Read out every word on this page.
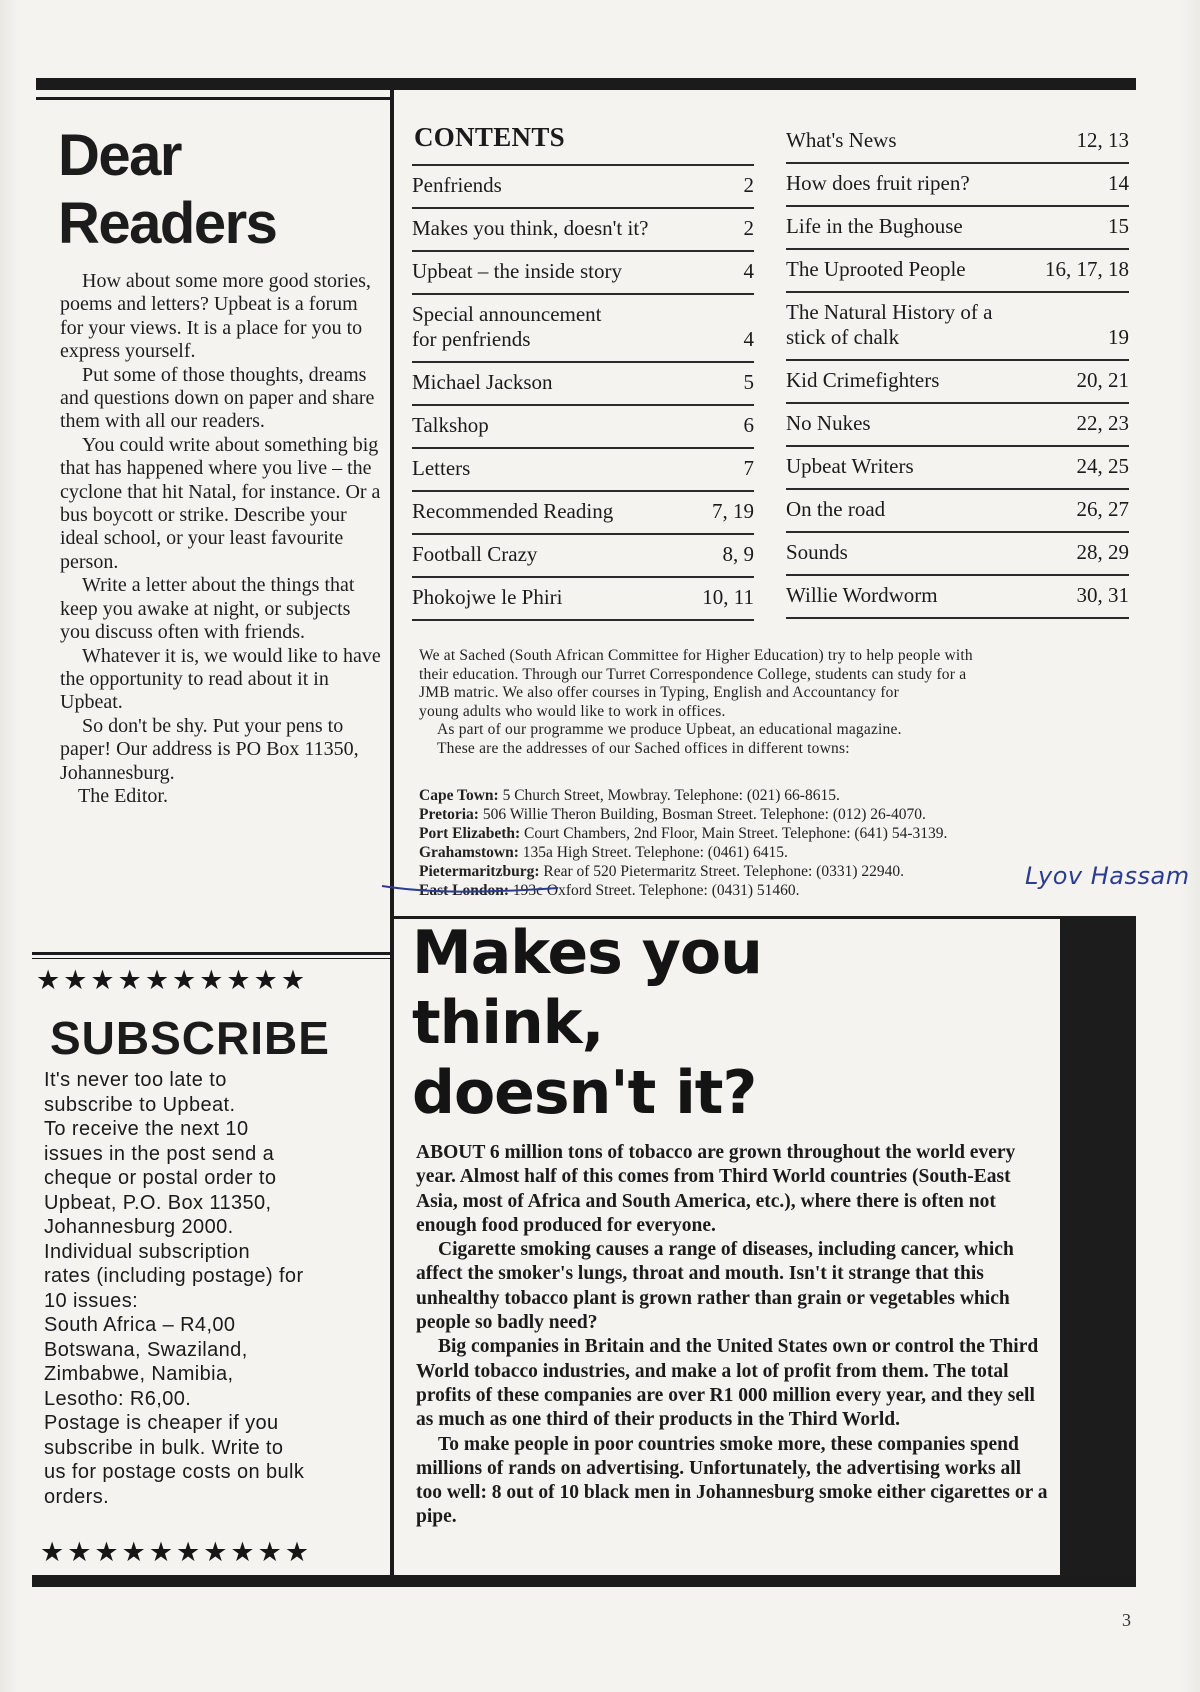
Dear
Readers

How about some more good stories, poems and letters? Upbeat is a forum for your views. It is a place for you to express yourself.

Put some of those thoughts, dreams and questions down on paper and share them with all our readers.

You could write about something big that has happened where you live – the cyclone that hit Natal, for instance. Or a bus boycott or strike. Describe your ideal school, or your least favourite person.

Write a letter about the things that keep you awake at night, or subjects you discuss often with friends.

Whatever it is, we would like to have the opportunity to read about it in Upbeat.

So don't be shy. Put your pens to paper! Our address is PO Box 11350, Johannesburg.

The Editor.

★★★★★★★★★★
SUBSCRIBE
It's never too late to
subscribe to Upbeat.
To receive the next 10
issues in the post send a
cheque or postal order to
Upbeat, P.O. Box 11350,
Johannesburg 2000.
Individual subscription
rates (including postage) for
10 issues:
South Africa – R4,00
Botswana, Swaziland,
Zimbabwe, Namibia,
Lesotho: R6,00.
Postage is cheaper if you
subscribe in bulk. Write to
us for postage costs on bulk
orders.
★★★★★★★★★★
CONTENTS
Penfriends	2
Makes you think, doesn't it?	2
Upbeat – the inside story	4
Special announcement
for penfriends	4
Michael Jackson	5
Talkshop	6
Letters	7
Recommended Reading	7, 19
Football Crazy	8, 9
Phokojwe le Phiri	10, 11
What's News	12, 13
How does fruit ripen?	14
Life in the Bughouse	15
The Uprooted People	16, 17, 18
The Natural History of a
stick of chalk	19
Kid Crimefighters	20, 21
No Nukes	22, 23
Upbeat Writers	24, 25
On the road	26, 27
Sounds	28, 29
Willie Wordworm	30, 31
We at Sached (South African Committee for Higher Education) try to help people with
their education. Through our Turret Correspondence College, students can study for a
JMB matric. We also offer courses in Typing, English and Accountancy for
young adults who would like to work in offices.
As part of our programme we produce Upbeat, an educational magazine.
These are the addresses of our Sached offices in different towns:
Cape Town: 5 Church Street, Mowbray. Telephone: (021) 66-8615.
Pretoria: 506 Willie Theron Building, Bosman Street. Telephone: (012) 26-4070.
Port Elizabeth: Court Chambers, 2nd Floor, Main Street. Telephone: (641) 54-3139.
Grahamstown: 135a High Street. Telephone: (0461) 6415.
Pietermaritzburg: Rear of 520 Pietermaritz Street. Telephone: (0331) 22940.
East London: 193c Oxford Street. Telephone: (0431) 51460.
Lyov Hassam
Makes you
think,
doesn't it?

ABOUT 6 million tons of tobacco are grown throughout the world every year. Almost half of this comes from Third World countries (South-East Asia, most of Africa and South America, etc.), where there is often not enough food produced for everyone.

Cigarette smoking causes a range of diseases, including cancer, which affect the smoker's lungs, throat and mouth. Isn't it strange that this unhealthy tobacco plant is grown rather than grain or vegetables which people so badly need?

Big companies in Britain and the United States own or control the Third World tobacco industries, and make a lot of profit from them. The total profits of these companies are over R1 000 million every year, and they sell as much as one third of their products in the Third World.

To make people in poor countries smoke more, these companies spend millions of rands on advertising. Unfortunately, the advertising works all too well: 8 out of 10 black men in Johannesburg smoke either cigarettes or a pipe.

3
